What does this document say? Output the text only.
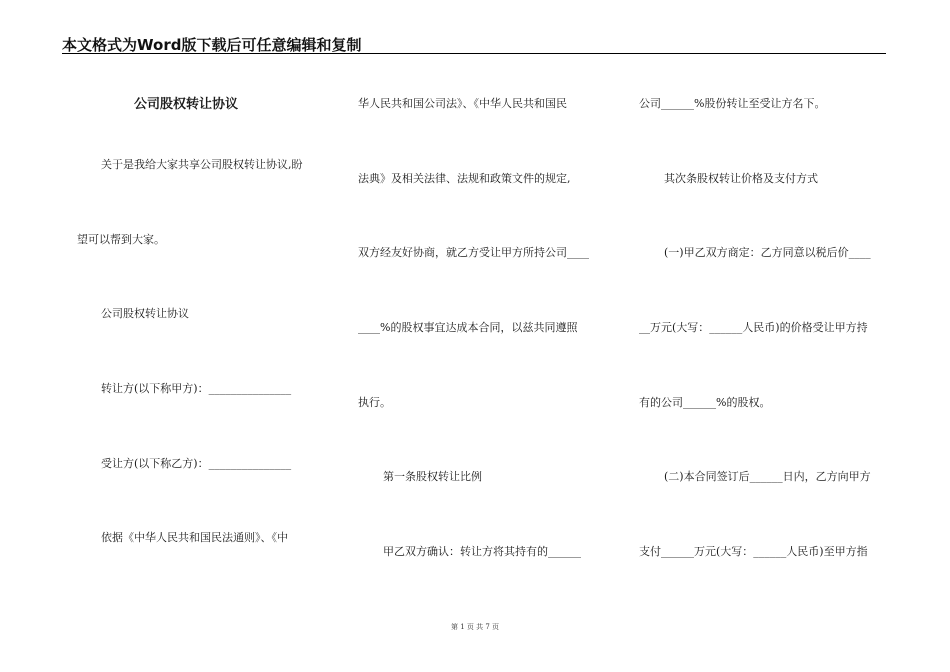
本文格式为Word版下载后可任意编辑和复制
公司股权转让协议
关于是我给大家共享公司股权转让协议,盼
望可以帮到大家。
公司股权转让协议
转让方(以下称甲方)：_______________
受让方(以下称乙方)：_______________
依据《中华人民共和国民法通则》、《中
华人民共和国公司法》、《中华人民共和国民
法典》及相关法律、法规和政策文件的规定,
双方经友好协商，就乙方受让甲方所持公司____
____%的股权事宜达成本合同，以兹共同遵照
执行。
第一条股权转让比例
甲乙双方确认：转让方将其持有的______
公司______%股份转让至受让方名下。
其次条股权转让价格及支付方式
(一)甲乙双方商定：乙方同意以税后价____
__万元(大写：______人民币)的价格受让甲方持
有的公司______%的股权。
(二)本合同签订后______日内，乙方向甲方
支付______万元(大写：______人民币)至甲方指
第 1 页 共 7 页
